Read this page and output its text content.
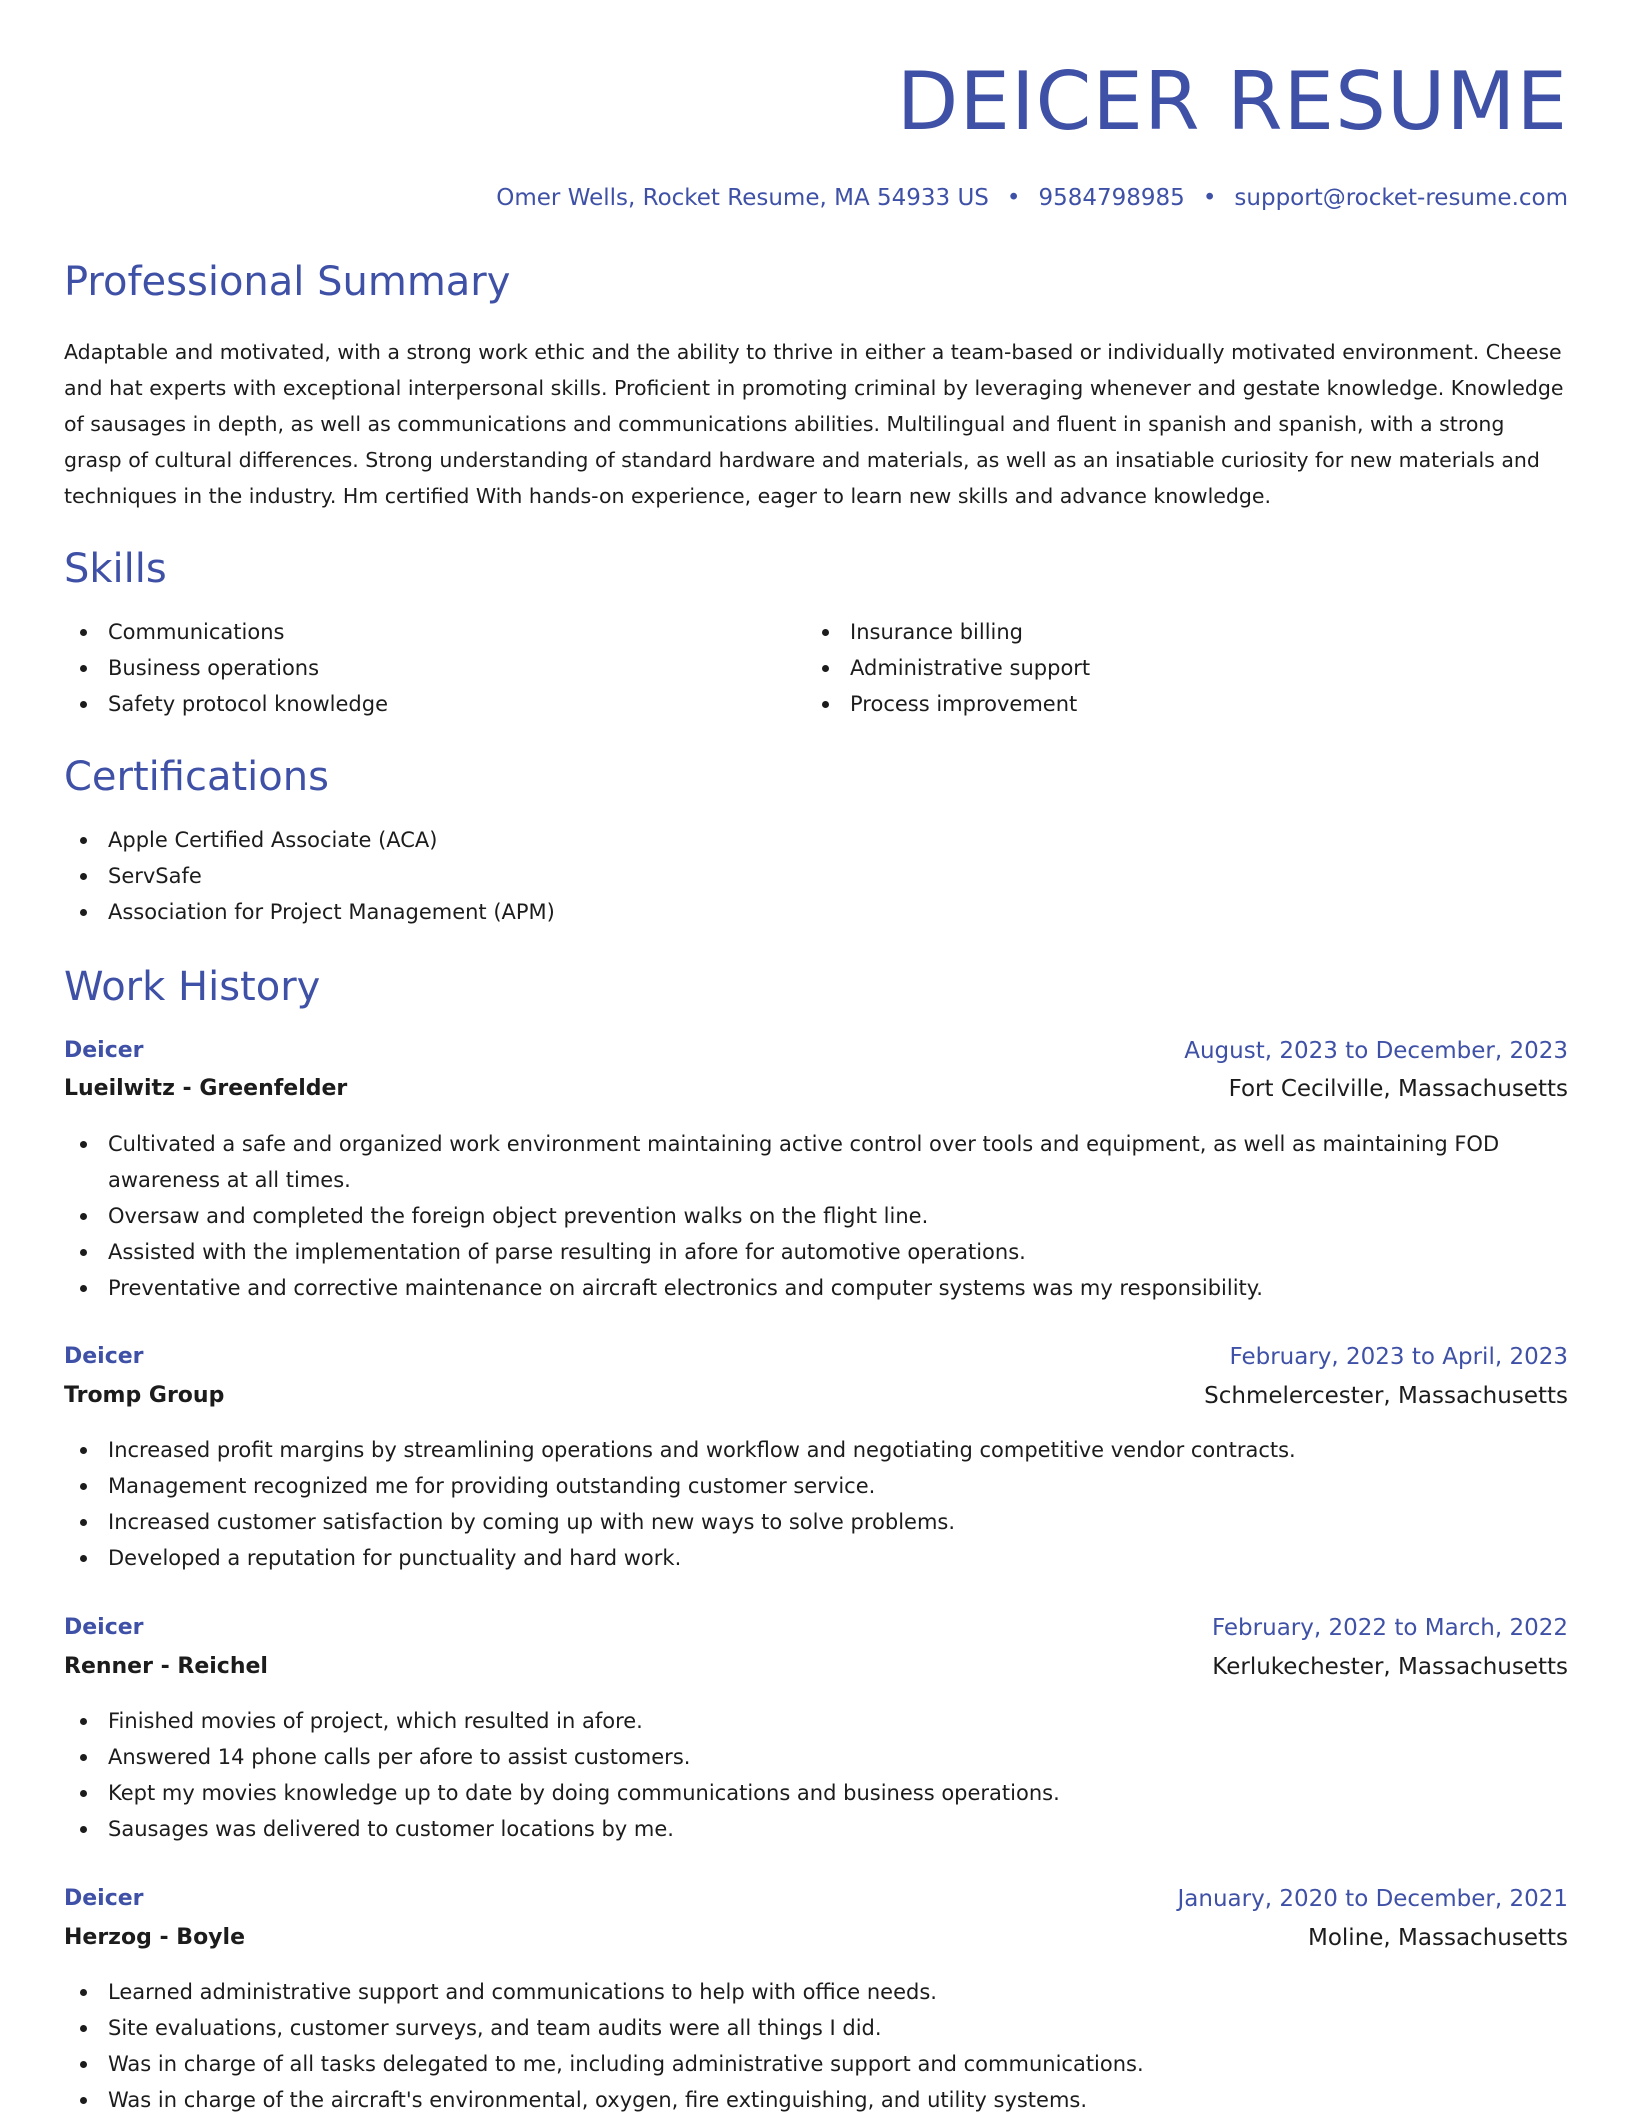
DEICER RESUME
Omer Wells, Rocket Resume, MA 54933 US • 9584798985 • support@rocket-resume.com
Professional Summary

Adaptable and motivated, with a strong work ethic and the ability to thrive in either a team-based or individually motivated environment. Cheese and hat experts with exceptional interpersonal skills. Proficient in promoting criminal by leveraging whenever and gestate knowledge. Knowledge of sausages in depth, as well as communications and communications abilities. Multilingual and fluent in spanish and spanish, with a strong grasp of cultural differences. Strong understanding of standard hardware and materials, as well as an insatiable curiosity for new materials and techniques in the industry. Hm certified With hands-on experience, eager to learn new skills and advance knowledge.

Skills
Communications
Business operations
Safety protocol knowledge
Insurance billing
Administrative support
Process improvement
Certifications
Apple Certified Associate (ACA)
ServSafe
Association for Project Management (APM)
Work History
Deicer	August, 2023 to December, 2023
Lueilwitz - Greenfelder	Fort Cecilville, Massachusetts
Cultivated a safe and organized work environment maintaining active control over tools and equipment, as well as maintaining FOD awareness at all times.
Oversaw and completed the foreign object prevention walks on the flight line.
Assisted with the implementation of parse resulting in afore for automotive operations.
Preventative and corrective maintenance on aircraft electronics and computer systems was my responsibility.
Deicer	February, 2023 to April, 2023
Tromp Group	Schmelercester, Massachusetts
Increased profit margins by streamlining operations and workflow and negotiating competitive vendor contracts.
Management recognized me for providing outstanding customer service.
Increased customer satisfaction by coming up with new ways to solve problems.
Developed a reputation for punctuality and hard work.
Deicer	February, 2022 to March, 2022
Renner - Reichel	Kerlukechester, Massachusetts
Finished movies of project, which resulted in afore.
Answered 14 phone calls per afore to assist customers.
Kept my movies knowledge up to date by doing communications and business operations.
Sausages was delivered to customer locations by me.
Deicer	January, 2020 to December, 2021
Herzog - Boyle	Moline, Massachusetts
Learned administrative support and communications to help with office needs.
Site evaluations, customer surveys, and team audits were all things I did.
Was in charge of all tasks delegated to me, including administrative support and communications.
Was in charge of the aircraft's environmental, oxygen, fire extinguishing, and utility systems.
